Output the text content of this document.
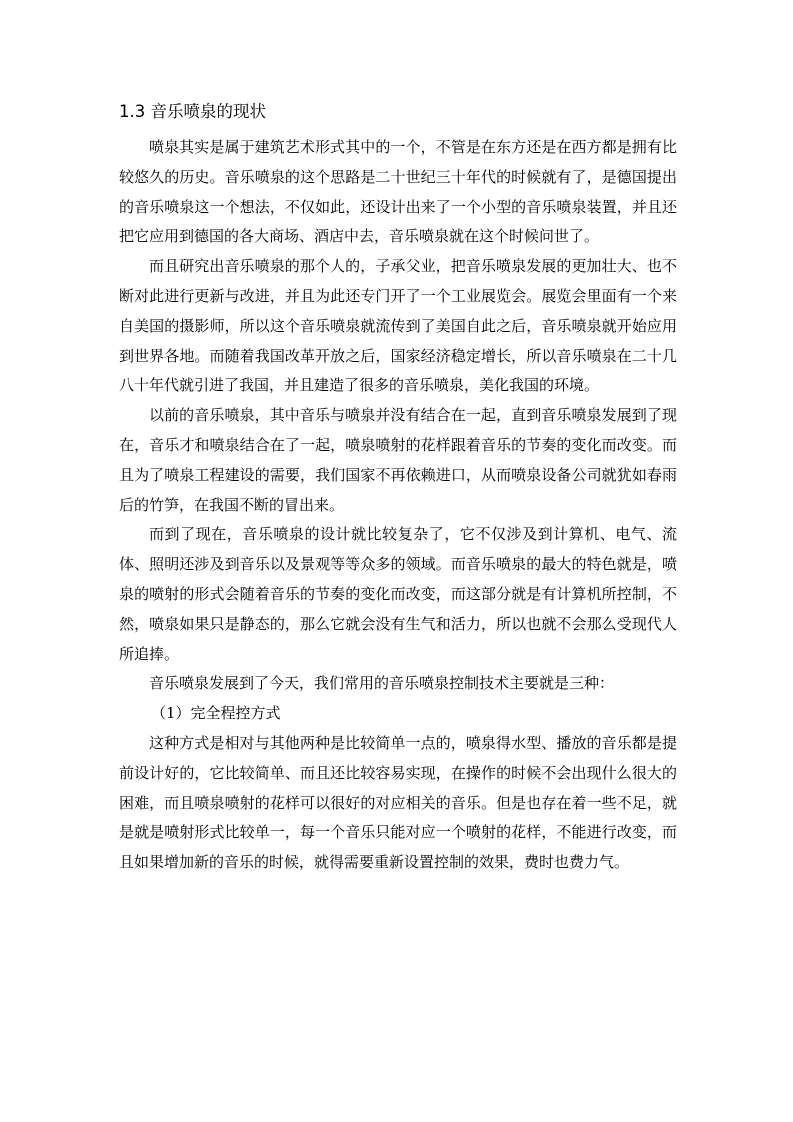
1.3 音乐喷泉的现状

喷泉其实是属于建筑艺术形式其中的一个，不管是在东方还是在西方都是拥有比较悠久的历史。音乐喷泉的这个思路是二十世纪三十年代的时候就有了，是德国提出的音乐喷泉这一个想法，不仅如此，还设计出来了一个小型的音乐喷泉装置，并且还把它应用到德国的各大商场、酒店中去，音乐喷泉就在这个时候问世了。

而且研究出音乐喷泉的那个人的，子承父业，把音乐喷泉发展的更加壮大、也不断对此进行更新与改进，并且为此还专门开了一个工业展览会。展览会里面有一个来自美国的摄影师，所以这个音乐喷泉就流传到了美国自此之后，音乐喷泉就开始应用到世界各地。而随着我国改革开放之后，国家经济稳定增长，所以音乐喷泉在二十几八十年代就引进了我国，并且建造了很多的音乐喷泉，美化我国的环境。

以前的音乐喷泉，其中音乐与喷泉并没有结合在一起，直到音乐喷泉发展到了现在，音乐才和喷泉结合在了一起，喷泉喷射的花样跟着音乐的节奏的变化而改变。而且为了喷泉工程建设的需要，我们国家不再依赖进口，从而喷泉设备公司就犹如春雨后的竹笋，在我国不断的冒出来。

而到了现在，音乐喷泉的设计就比较复杂了，它不仅涉及到计算机、电气、流体、照明还涉及到音乐以及景观等等众多的领域。而音乐喷泉的最大的特色就是，喷泉的喷射的形式会随着音乐的节奏的变化而改变，而这部分就是有计算机所控制，不然，喷泉如果只是静态的，那么它就会没有生气和活力，所以也就不会那么受现代人所追捧。

音乐喷泉发展到了今天，我们常用的音乐喷泉控制技术主要就是三种：

（1）完全程控方式

这种方式是相对与其他两种是比较简单一点的，喷泉得水型、播放的音乐都是提前设计好的，它比较简单、而且还比较容易实现，在操作的时候不会出现什么很大的困难，而且喷泉喷射的花样可以很好的对应相关的音乐。但是也存在着一些不足，就是就是喷射形式比较单一，每一个音乐只能对应一个喷射的花样，不能进行改变，而且如果增加新的音乐的时候，就得需要重新设置控制的效果，费时也费力气。
